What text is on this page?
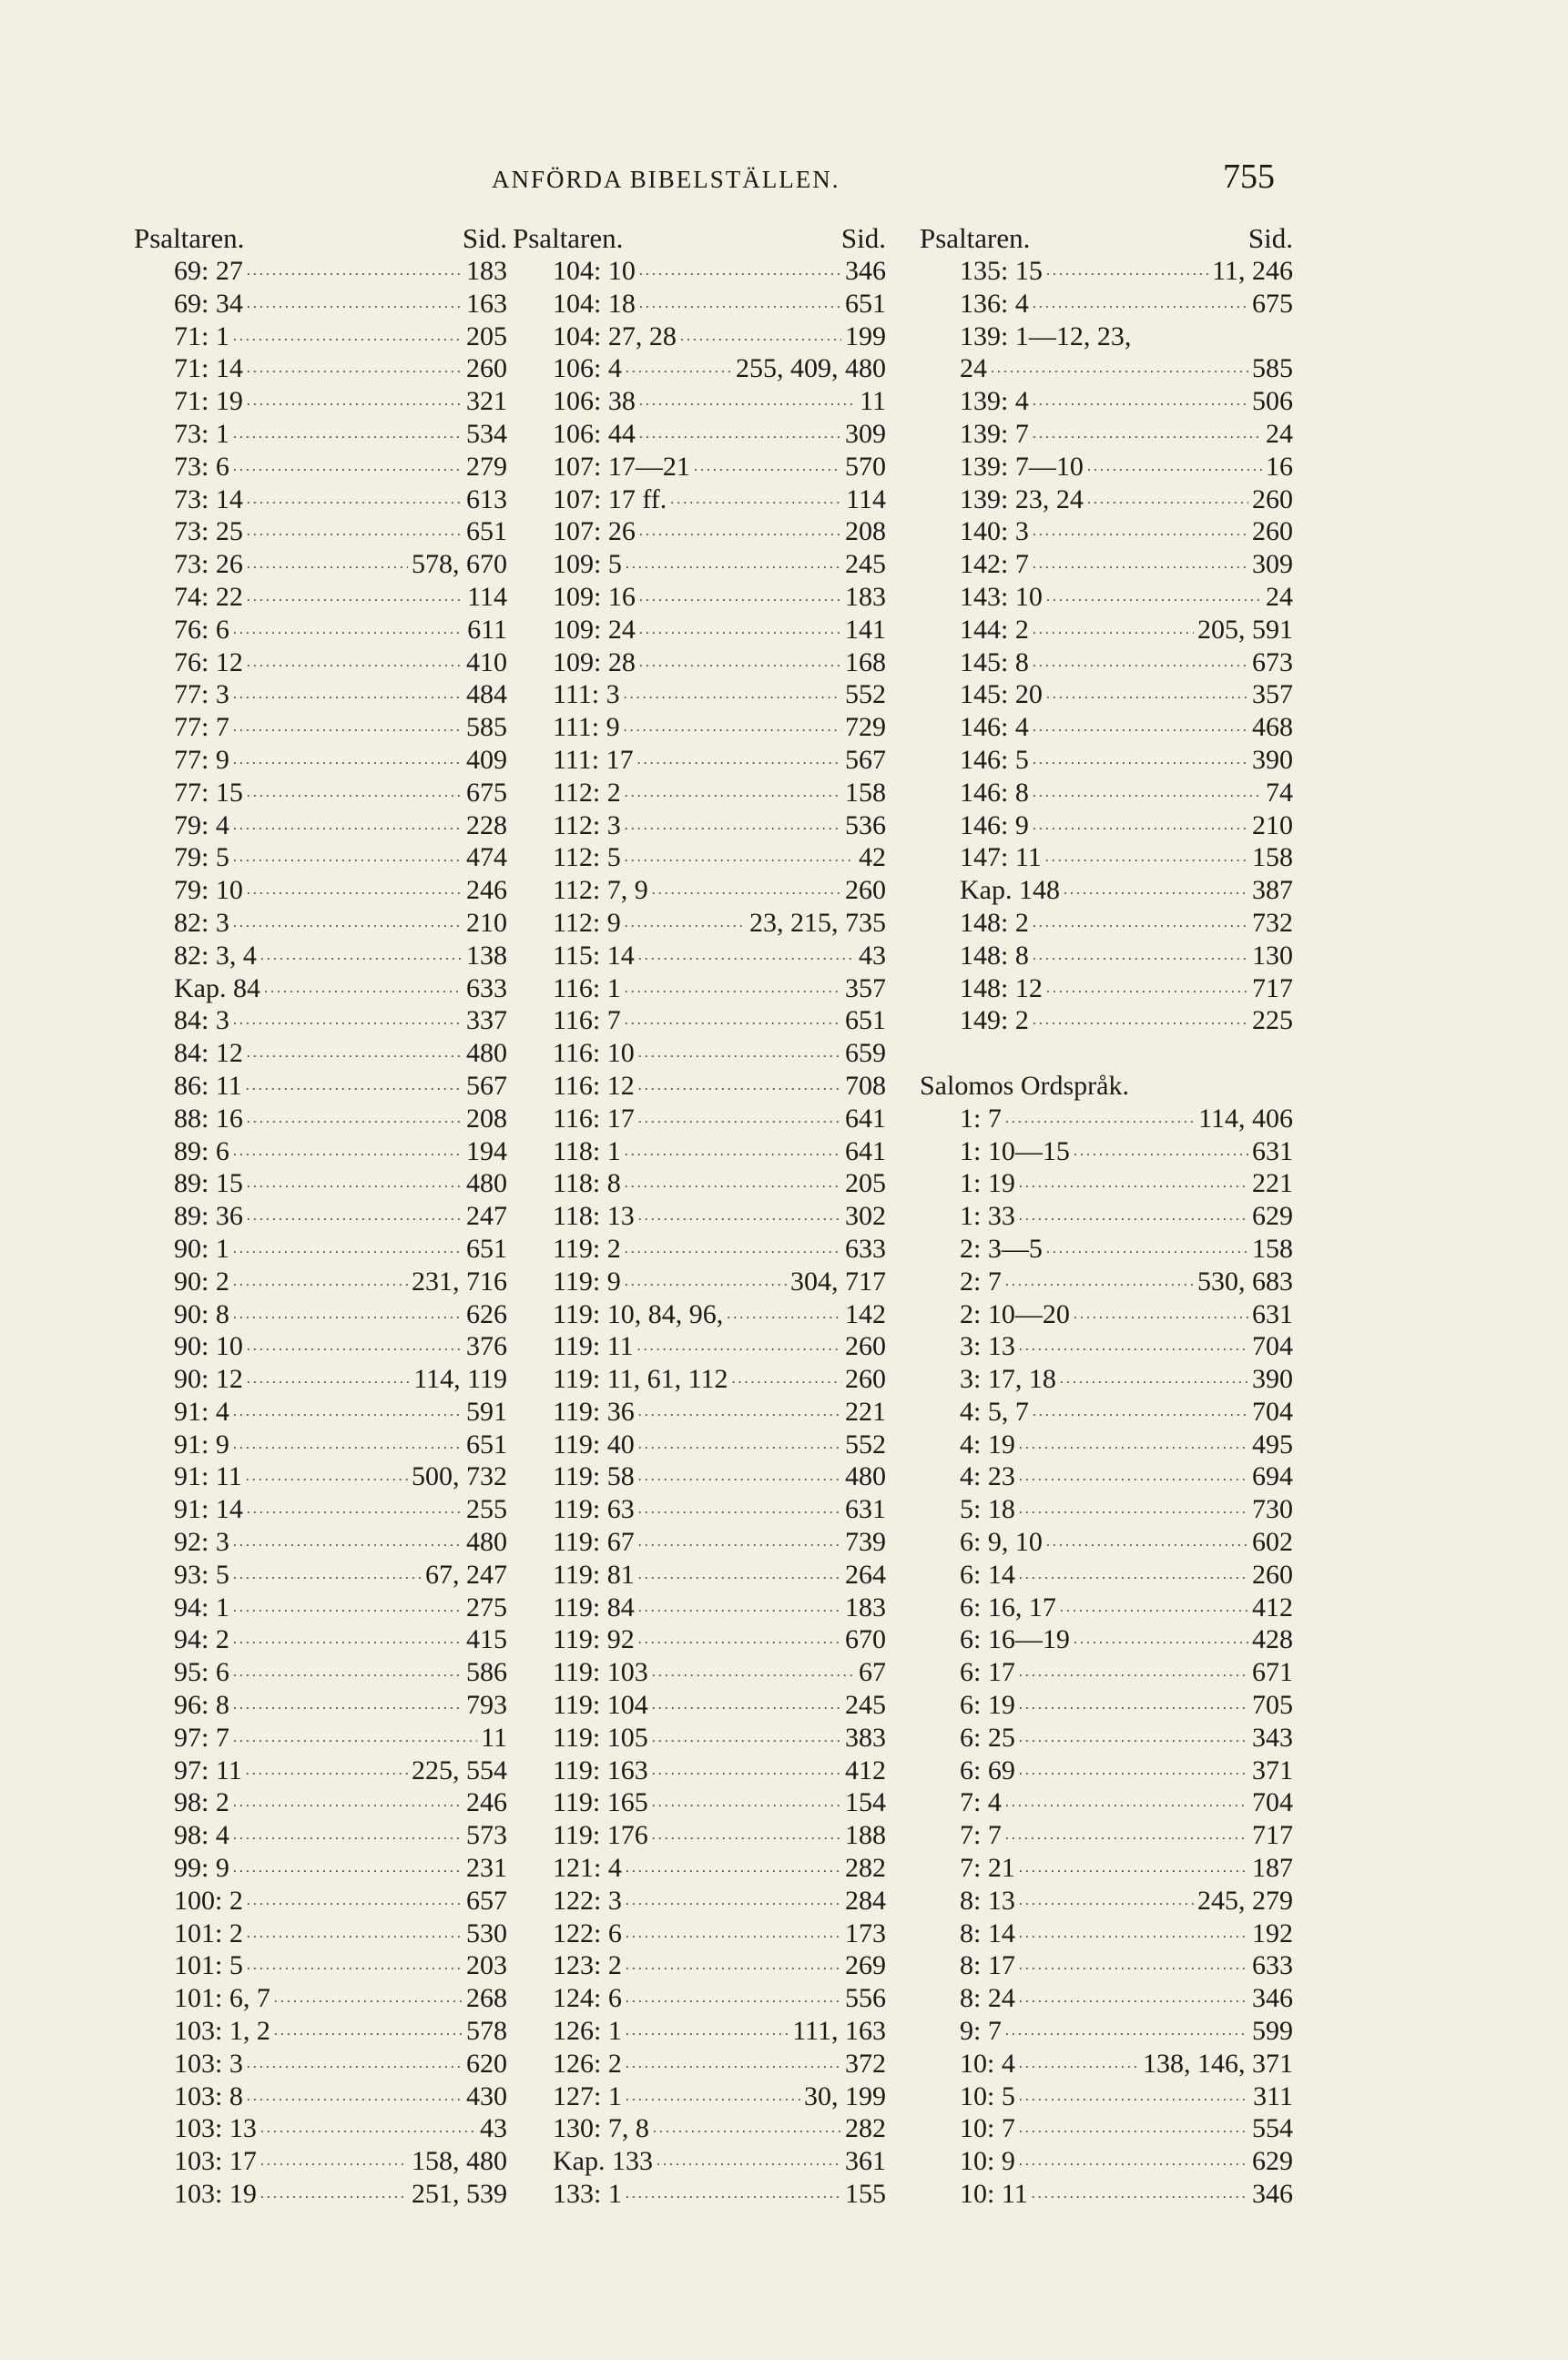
ANFÖRDA BIBELSTÄLLEN.	755
Psaltaren.	Sid.
69: 27 .....	183
69: 34 .....	163
71: 1 .....	205
71: 14 .....	260
71: 19 .....	321
73: 1 .....	534
73: 6 .....	279
73: 14 .....	613
73: 25 .....	651
73: 26 .....	578, 670
74: 22 .....	114
76: 6 .....	611
76: 12 .....	410
77: 3 .....	484
77: 7 .....	585
77: 9 .....	409
77: 15 .....	675
79: 4 .....	228
79: 5 .....	474
79: 10 .....	246
82: 3 .....	210
82: 3, 4 .....	138
Kap. 84 .....	633
84: 3 .....	337
84: 12 .....	480
86: 11 .....	567
88: 16 .....	208
89: 6 .....	194
89: 15 .....	480
89: 36 .....	247
90: 1 .....	651
90: 2 .....	231, 716
90: 8 .....	626
90: 10 .....	376
90: 12 .....	114, 119
91: 4 .....	591
91: 9 .....	651
91: 11 .....	500, 732
91: 14 .....	255
92: 3 .....	480
93: 5 .....	67, 247
94: 1 .....	275
94: 2 .....	415
95: 6 .....	586
96: 8 .....	793
97: 7 .....	11
97: 11 .....	225, 554
98: 2 .....	246
98: 4 .....	573
99: 9 .....	231
100: 2 .....	657
101: 2 .....	530
101: 5 .....	203
101: 6, 7 .....	268
103: 1, 2 .....	578
103: 3 .....	620
103: 8 .....	430
103: 13 .....	43
103: 17 .....	158, 480
103: 19 .....	251, 539
Psaltaren.	Sid.
104: 10 .....	346
104: 18 .....	651
104: 27, 28 .....	199
106: 4 .....	255, 409, 480
106: 38 .....	11
106: 44 .....	309
107: 17—21 .....	570
107: 17 ff. .....	114
107: 26 .....	208
109: 5 .....	245
109: 16 .....	183
109: 24 .....	141
109: 28 .....	168
111: 3 .....	552
111: 9 .....	729
111: 17 .....	567
112: 2 .....	158
112: 3 .....	536
112: 5 .....	42
112: 7, 9 .....	260
112: 9 .....	23, 215, 735
115: 14 .....	43
116: 1 .....	357
116: 7 .....	651
116: 10 .....	659
116: 12 .....	708
116: 17 .....	641
118: 1 .....	641
118: 8 .....	205
118: 13 .....	302
119: 2 .....	633
119: 9 .....	304, 717
119: 10, 84, 96, .....	142
119: 11 .....	260
119: 11, 61, 112 .....	260
119: 36 .....	221
119: 40 .....	552
119: 58 .....	480
119: 63 .....	631
119: 67 .....	739
119: 81 .....	264
119: 84 .....	183
119: 92 .....	670
119: 103 .....	67
119: 104 .....	245
119: 105 .....	383
119: 163 .....	412
119: 165 .....	154
119: 176 .....	188
121: 4 .....	282
122: 3 .....	284
122: 6 .....	173
123: 2 .....	269
124: 6 .....	556
126: 1 .....	111, 163
126: 2 .....	372
127: 1 .....	30, 199
130: 7, 8 .....	282
Kap. 133 .....	361
133: 1 .....	155
Psaltaren.	Sid.
135: 15 .....	11, 246
136: 4 .....	675
139: 1—12, 23,
24 .....	585
139: 4 .....	506
139: 7 .....	24
139: 7—10 .....	16
139: 23, 24 .....	260
140: 3 .....	260
142: 7 .....	309
143: 10 .....	24
144: 2 .....	205, 591
145: 8 .....	673
145: 20 .....	357
146: 4 .....	468
146: 5 .....	390
146: 8 .....	74
146: 9 .....	210
147: 11 .....	158
Kap. 148 .....	387
148: 2 .....	732
148: 8 .....	130
148: 12 .....	717
149: 2 .....	225
Salomos Ordspråk.
1: 7 .....	114, 406
1: 10—15 .....	631
1: 19 .....	221
1: 33 .....	629
2: 3—5 .....	158
2: 7 .....	530, 683
2: 10—20 .....	631
3: 13 .....	704
3: 17, 18 .....	390
4: 5, 7 .....	704
4: 19 .....	495
4: 23 .....	694
5: 18 .....	730
6: 9, 10 .....	602
6: 14 .....	260
6: 16, 17 .....	412
6: 16—19 .....	428
6: 17 .....	671
6: 19 .....	705
6: 25 .....	343
6: 69 .....	371
7: 4 .....	704
7: 7 .....	717
7: 21 .....	187
8: 13 .....	245, 279
8: 14 .....	192
8: 17 .....	633
8: 24 .....	346
9: 7 .....	599
10: 4 .....	138, 146, 371
10: 5 .....	311
10: 7 .....	554
10: 9 .....	629
10: 11 .....	346
